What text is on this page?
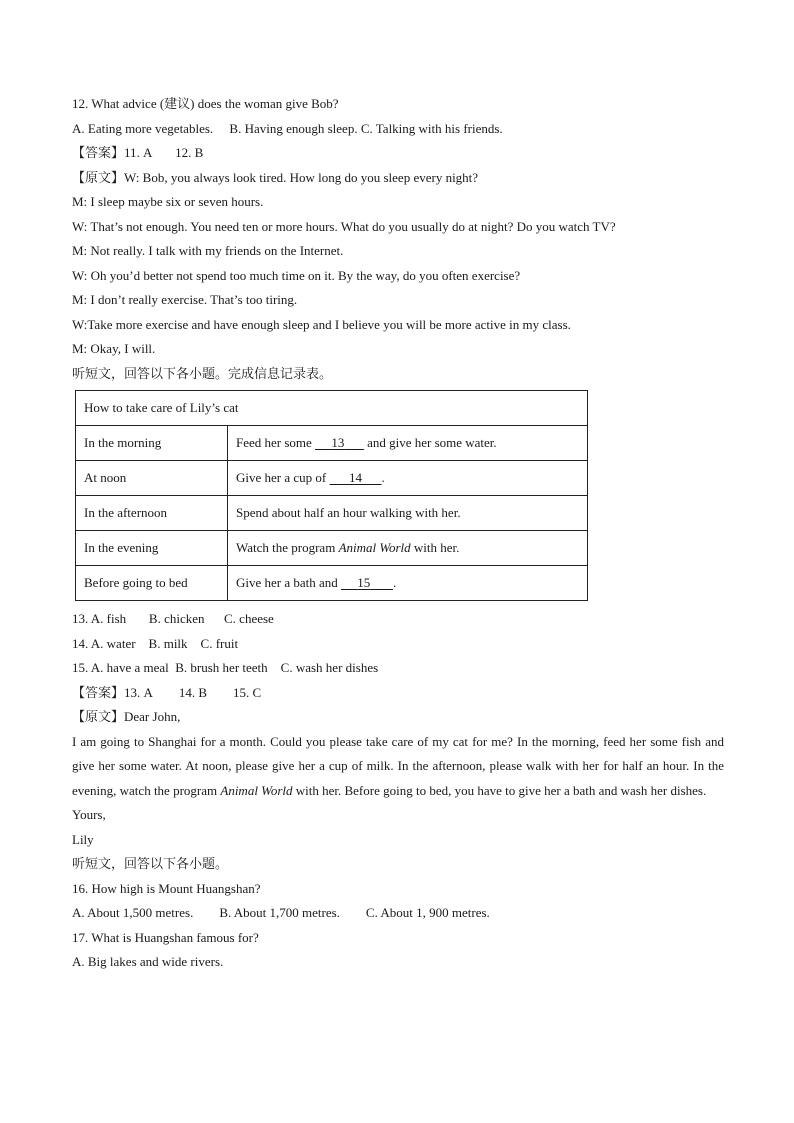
12. What advice (建议) does the woman give Bob?
A. Eating more vegetables. B. Having enough sleep. C. Talking with his friends.
【答案】11. A       12. B
【原文】W: Bob, you always look tired. How long do you sleep every night?
M: I sleep maybe six or seven hours.
W: That’s not enough. You need ten or more hours. What do you usually do at night? Do you watch TV?
M: Not really. I talk with my friends on the Internet.
W: Oh you’d better not spend too much time on it. By the way, do you often exercise?
M: I don’t really exercise. That’s too tiring.
W:Take more exercise and have enough sleep and I believe you will be more active in my class.
M: Okay, I will.
听短文，回答以下各小题。完成信息记录表。
How to take care of Lily’s cat	
In the morning	Feed her some      13       and give her some water.
At noon	Give her a cup of       14 .
In the afternoon	Spend about half an hour walking with her.
In the evening	Watch the program Animal World with her.
Before going to bed	Give her a bath and      15 .
13. A. fish       B. chicken      C. cheese
14. A. water    B. milk    C. fruit
15. A. have a meal  B. brush her teeth    C. wash her dishes
【答案】13. A        14. B        15. C
【原文】Dear John,
I am going to Shanghai for a month. Could you please take care of my cat for me? In the morning, feed her some fish and give her some water. At noon, please give her a cup of milk. In the afternoon, please walk with her for half an hour. In the evening, watch the program Animal World with her. Before going to bed, you have to give her a bath and wash her dishes.
Yours,
Lily
听短文，回答以下各小题。
16. How high is Mount Huangshan?
A. About 1,500 metres.        B. About 1,700 metres.        C. About 1, 900 metres.
17. What is Huangshan famous for?
A. Big lakes and wide rivers.
